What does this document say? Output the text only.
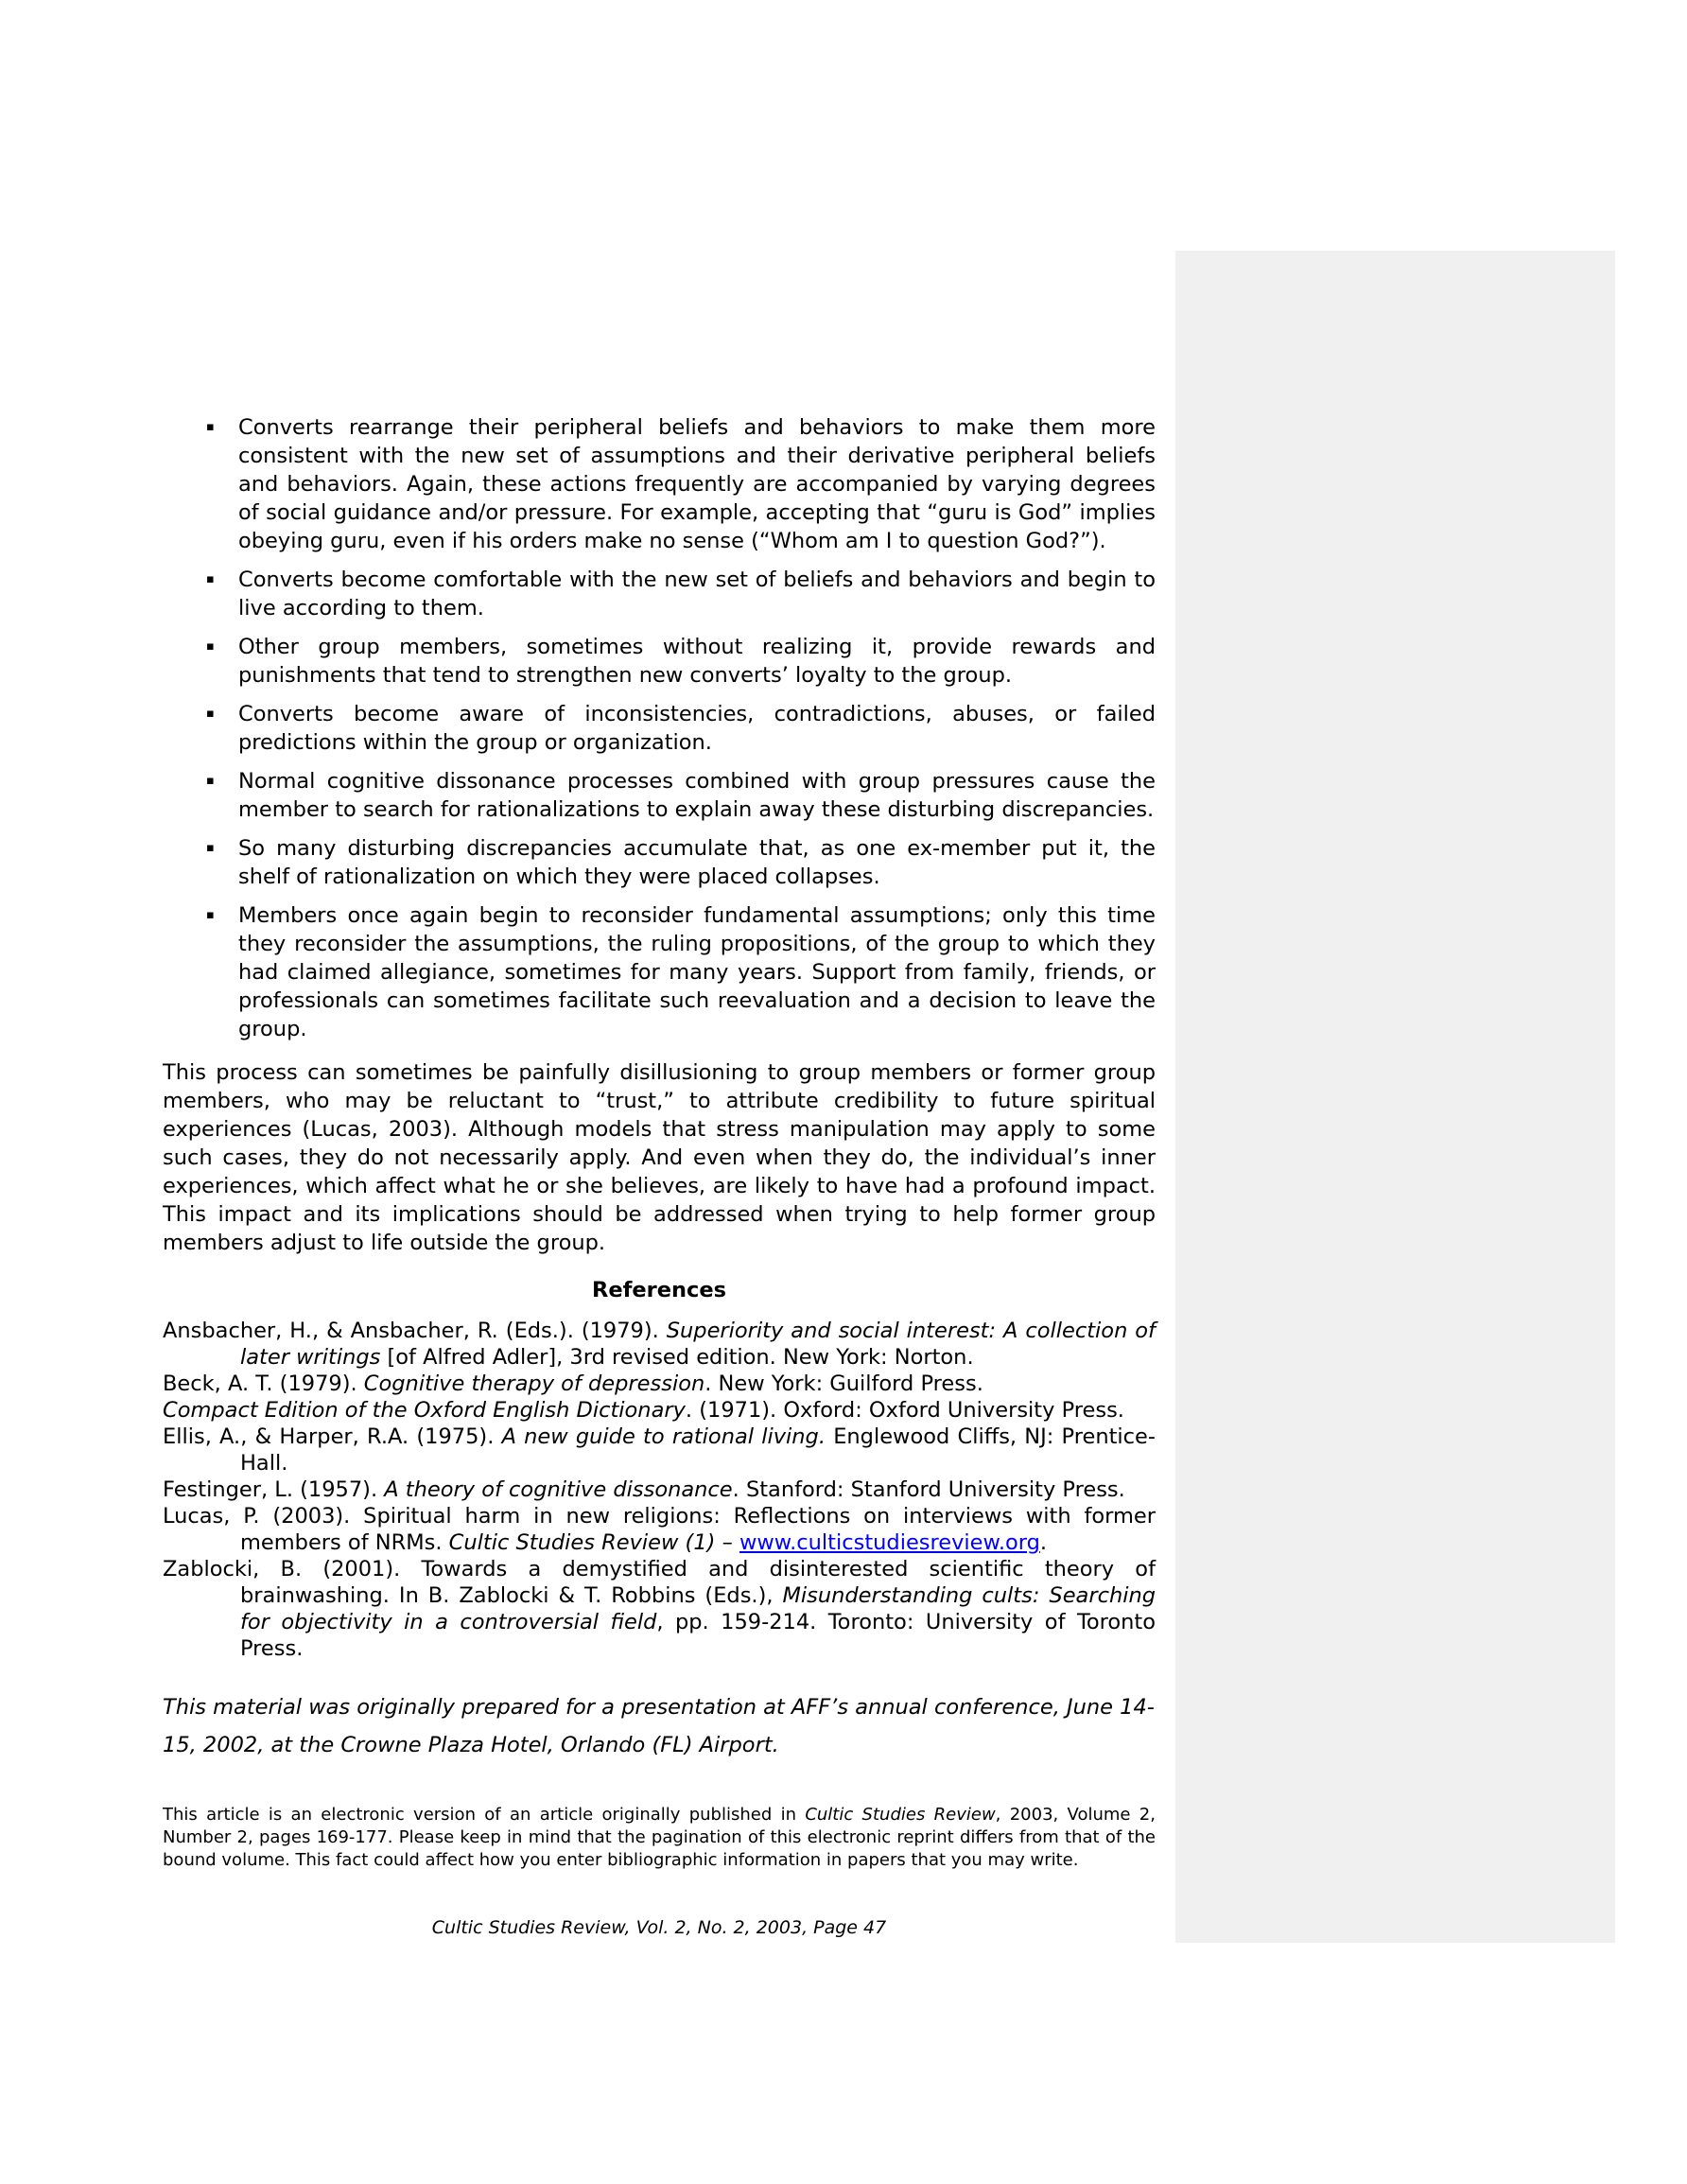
▪ Converts rearrange their peripheral beliefs and behaviors to make them more consistent with the new set of assumptions and their derivative peripheral beliefs and behaviors. Again, these actions frequently are accompanied by varying degrees of social guidance and/or pressure. For example, accepting that “guru is God” implies obeying guru, even if his orders make no sense (“Whom am I to question God?”).
▪ Converts become comfortable with the new set of beliefs and behaviors and begin to live according to them.
▪ Other group members, sometimes without realizing it, provide rewards and punishments that tend to strengthen new converts’ loyalty to the group.
▪ Converts become aware of inconsistencies, contradictions, abuses, or failed predictions within the group or organization.
▪ Normal cognitive dissonance processes combined with group pressures cause the member to search for rationalizations to explain away these disturbing discrepancies.
▪ So many disturbing discrepancies accumulate that, as one ex-member put it, the shelf of rationalization on which they were placed collapses.
▪ Members once again begin to reconsider fundamental assumptions; only this time they reconsider the assumptions, the ruling propositions, of the group to which they had claimed allegiance, sometimes for many years. Support from family, friends, or professionals can sometimes facilitate such reevaluation and a decision to leave the group.

This process can sometimes be painfully disillusioning to group members or former group members, who may be reluctant to “trust,” to attribute credibility to future spiritual experiences (Lucas, 2003). Although models that stress manipulation may apply to some such cases, they do not necessarily apply. And even when they do, the individual’s inner experiences, which affect what he or she believes, are likely to have had a profound impact. This impact and its implications should be addressed when trying to help former group members adjust to life outside the group.

References
Ansbacher, H., & Ansbacher, R. (Eds.). (1979). Superiority and social interest: A collection of later writings [of Alfred Adler], 3rd revised edition. New York: Norton.
Beck, A. T. (1979). Cognitive therapy of depression. New York: Guilford Press.
Compact Edition of the Oxford English Dictionary. (1971). Oxford: Oxford University Press.
Ellis, A., & Harper, R.A. (1975). A new guide to rational living. Englewood Cliffs, NJ: Prentice-Hall.
Festinger, L. (1957). A theory of cognitive dissonance. Stanford: Stanford University Press.
Lucas, P. (2003). Spiritual harm in new religions: Reflections on interviews with former members of NRMs. Cultic Studies Review (1) – www.culticstudiesreview.org.
Zablocki, B. (2001). Towards a demystified and disinterested scientific theory of brainwashing. In B. Zablocki & T. Robbins (Eds.), Misunderstanding cults: Searching for objectivity in a controversial field, pp. 159-214. Toronto: University of Toronto Press.

This material was originally prepared for a presentation at AFF’s annual conference, June 14-15, 2002, at the Crowne Plaza Hotel, Orlando (FL) Airport.

This article is an electronic version of an article originally published in Cultic Studies Review, 2003, Volume 2, Number 2, pages 169-177. Please keep in mind that the pagination of this electronic reprint differs from that of the bound volume. This fact could affect how you enter bibliographic information in papers that you may write.

Cultic Studies Review, Vol. 2, No. 2, 2003, Page 47
